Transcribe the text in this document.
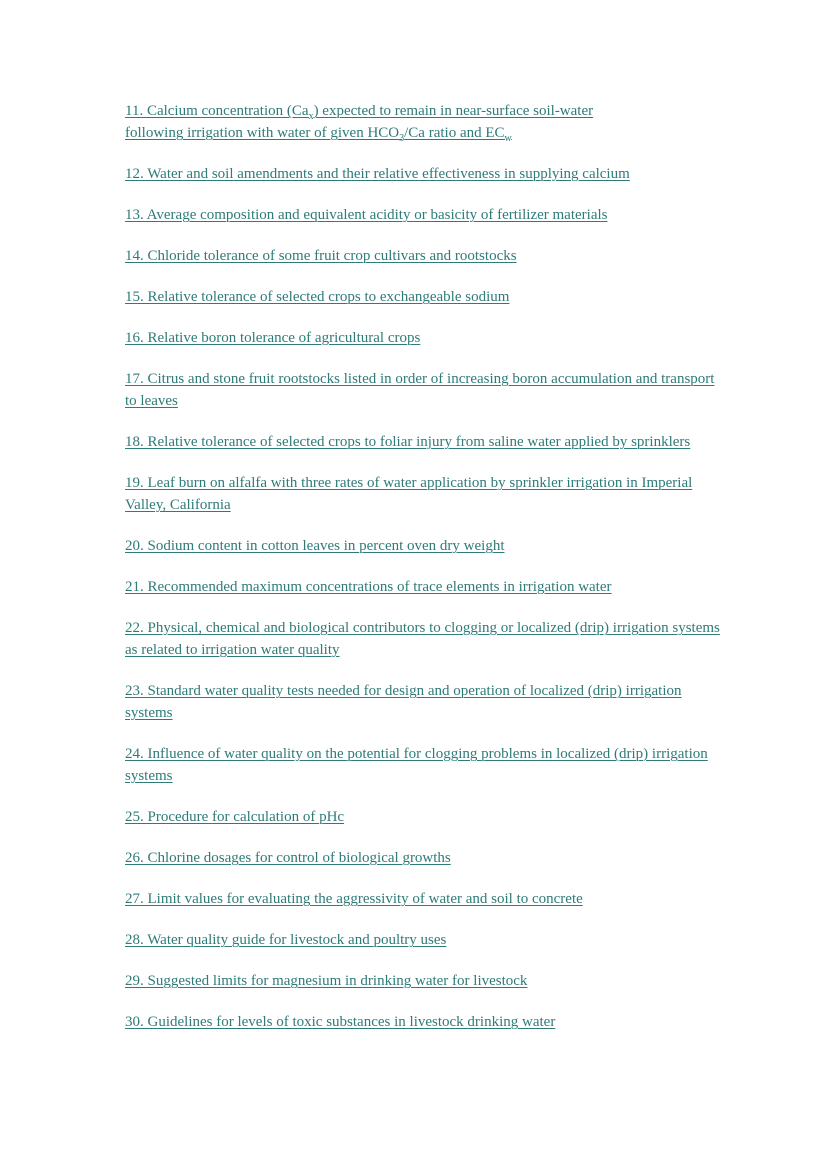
11. Calcium concentration $(Ca_x)$ expected to remain in near-surface soil-water
following irrigation with water of given $HCO_3/Ca$ ratio and $EC_w$
12. Water and soil amendments and their relative effectiveness in supplying calcium
13. Average composition and equivalent acidity or basicity of fertilizer materials
14. Chloride tolerance of some fruit crop cultivars and rootstocks
15. Relative tolerance of selected crops to exchangeable sodium
16. Relative boron tolerance of agricultural crops
17. Citrus and stone fruit rootstocks listed in order of increasing boron accumulation and transport to leaves
18. Relative tolerance of selected crops to foliar injury from saline water applied by sprinklers
19. Leaf burn on alfalfa with three rates of water application by sprinkler irrigation in Imperial Valley, California
20. Sodium content in cotton leaves in percent oven dry weight
21. Recommended maximum concentrations of trace elements in irrigation water
22. Physical, chemical and biological contributors to clogging or localized (drip) irrigation systems as related to irrigation water quality
23. Standard water quality tests needed for design and operation of localized (drip) irrigation systems
24. Influence of water quality on the potential for clogging problems in localized (drip) irrigation systems
25. Procedure for calculation of pHc
26. Chlorine dosages for control of biological growths
27. Limit values for evaluating the aggressivity of water and soil to concrete
28. Water quality guide for livestock and poultry uses
29. Suggested limits for magnesium in drinking water for livestock
30. Guidelines for levels of toxic substances in livestock drinking water
